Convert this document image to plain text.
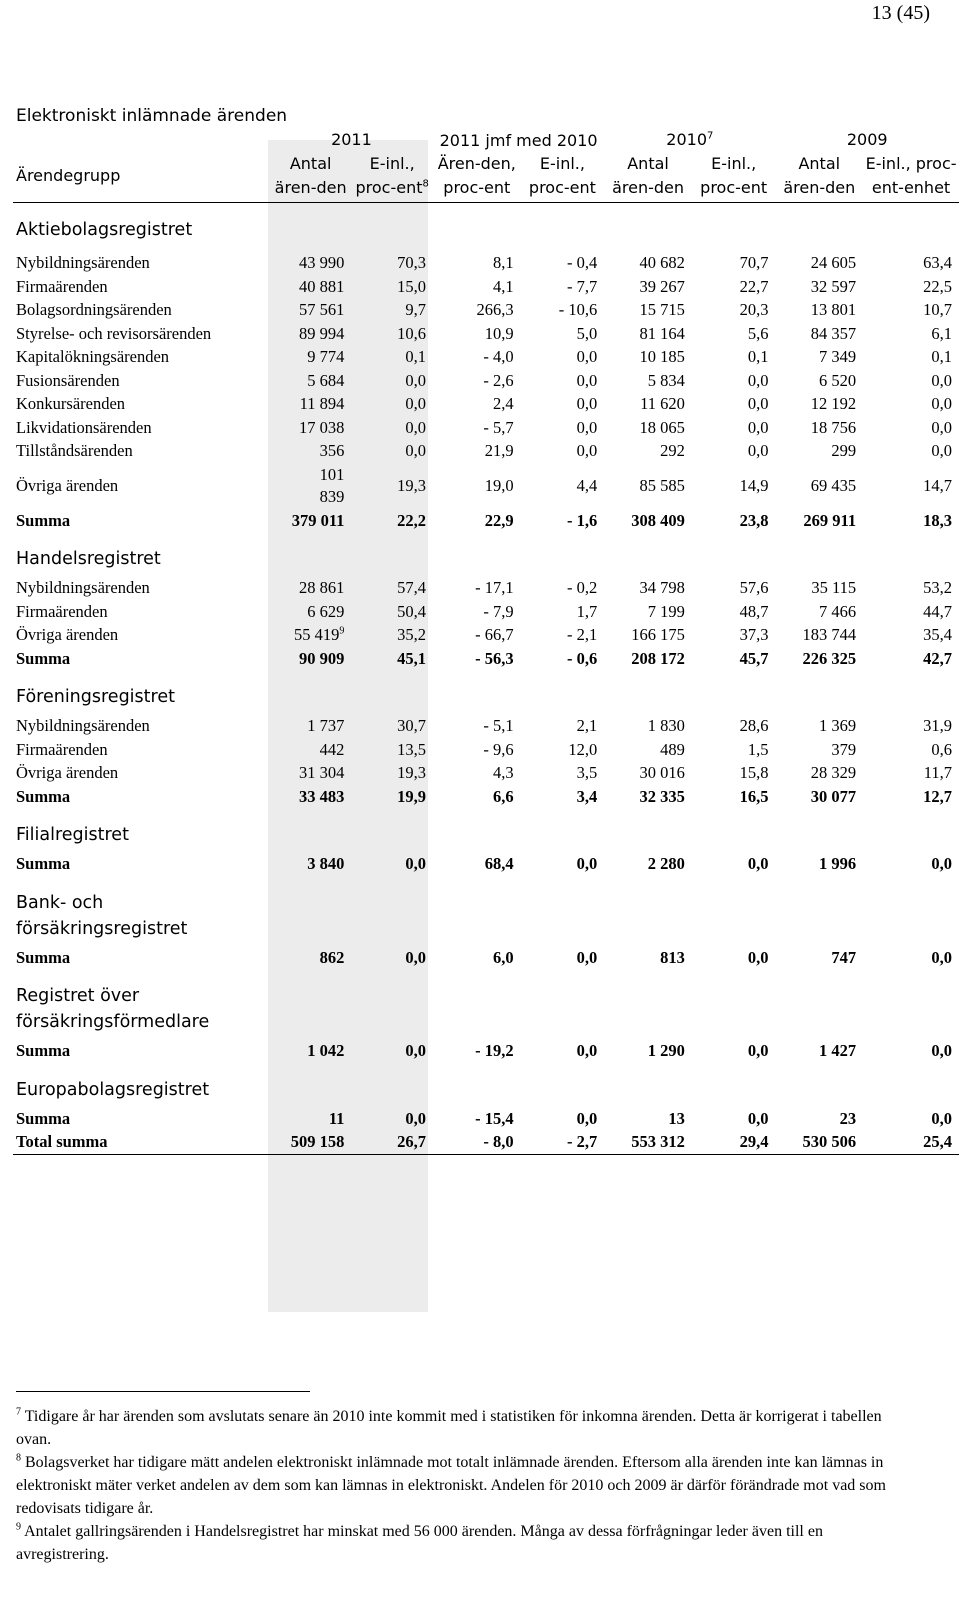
13 (45)
Elektroniskt inlämnade ärenden
	2011		2011 jmf med 2010		2010$^7$		2009	
Ärendegrupp	Antal ären-den	E-inl., proc-ent$^8$	Ären-den, proc-ent	E-inl., proc-ent	Antal ären-den	E-inl., proc-ent	Antal ären-den	E-inl., proc-ent-enhet
Aktiebolagsregistret								
Nybildningsärenden	43 990	70,3	8,1	- 0,4	40 682	70,7	24 605	63,4
Firmaärenden	40 881	15,0	4,1	- 7,7	39 267	22,7	32 597	22,5
Bolagsordningsärenden	57 561	9,7	266,3	- 10,6	15 715	20,3	13 801	10,7
Styrelse- och revisorsärenden	89 994	10,6	10,9	5,0	81 164	5,6	84 357	6,1
Kapitalökningsärenden	9 774	0,1	- 4,0	0,0	10 185	0,1	7 349	0,1
Fusionsärenden	5 684	0,0	- 2,6	0,0	5 834	0,0	6 520	0,0
Konkursärenden	11 894	0,0	2,4	0,0	11 620	0,0	12 192	0,0
Likvidationsärenden	17 038	0,0	- 5,7	0,0	18 065	0,0	18 756	0,0
Tillståndsärenden	356	0,0	21,9	0,0	292	0,0	299	0,0
Övriga ärenden	101 839	19,3	19,0	4,4	85 585	14,9	69 435	14,7
Summa	379 011	22,2	22,9	- 1,6	308 409	23,8	269 911	18,3
Handelsregistret								
Nybildningsärenden	28 861	57,4	- 17,1	- 0,2	34 798	57,6	35 115	53,2
Firmaärenden	6 629	50,4	- 7,9	1,7	7 199	48,7	7 466	44,7
Övriga ärenden	55 $419^9$	35,2	- 66,7	- 2,1	166 175	37,3	183 744	35,4
Summa	90 909	45,1	- 56,3	- 0,6	208 172	45,7	226 325	42,7
Föreningsregistret								
Nybildningsärenden	1 737	30,7	- 5,1	2,1	1 830	28,6	1 369	31,9
Firmaärenden	442	13,5	- 9,6	12,0	489	1,5	379	0,6
Övriga ärenden	31 304	19,3	4,3	3,5	30 016	15,8	28 329	11,7
Summa	33 483	19,9	6,6	3,4	32 335	16,5	30 077	12,7
Filialregistret								
Summa	3 840	0,0	68,4	0,0	2 280	0,0	1 996	0,0
Bank- och försäkringsregistret								
Summa	862	0,0	6,0	0,0	813	0,0	747	0,0
Registret över försäkringsförmedlare								
Summa	1 042	0,0	- 19,2	0,0	1 290	0,0	1 427	0,0
Europabolagsregistret								
Summa	11	0,0	- 15,4	0,0	13	0,0	23	0,0
Total summa	509 158	26,7	- 8,0	- 2,7	553 312	29,4	530 506	25,4

$^7$ Tidigare år har ärenden som avslutats senare än 2010 inte kommit med i statistiken för inkomna ärenden. Detta är korrigerat i tabellen ovan.

$^8$ Bolagsverket har tidigare mätt andelen elektroniskt inlämnade mot totalt inlämnade ärenden. Eftersom alla ärenden inte kan lämnas in elektroniskt mäter verket andelen av dem som kan lämnas in elektroniskt. Andelen för 2010 och 2009 är därför förändrade mot vad som redovisats tidigare år.

$^9$ Antalet gallringsärenden i Handelsregistret har minskat med 56 000 ärenden. Många av dessa förfrågningar leder även till en avregistrering.
